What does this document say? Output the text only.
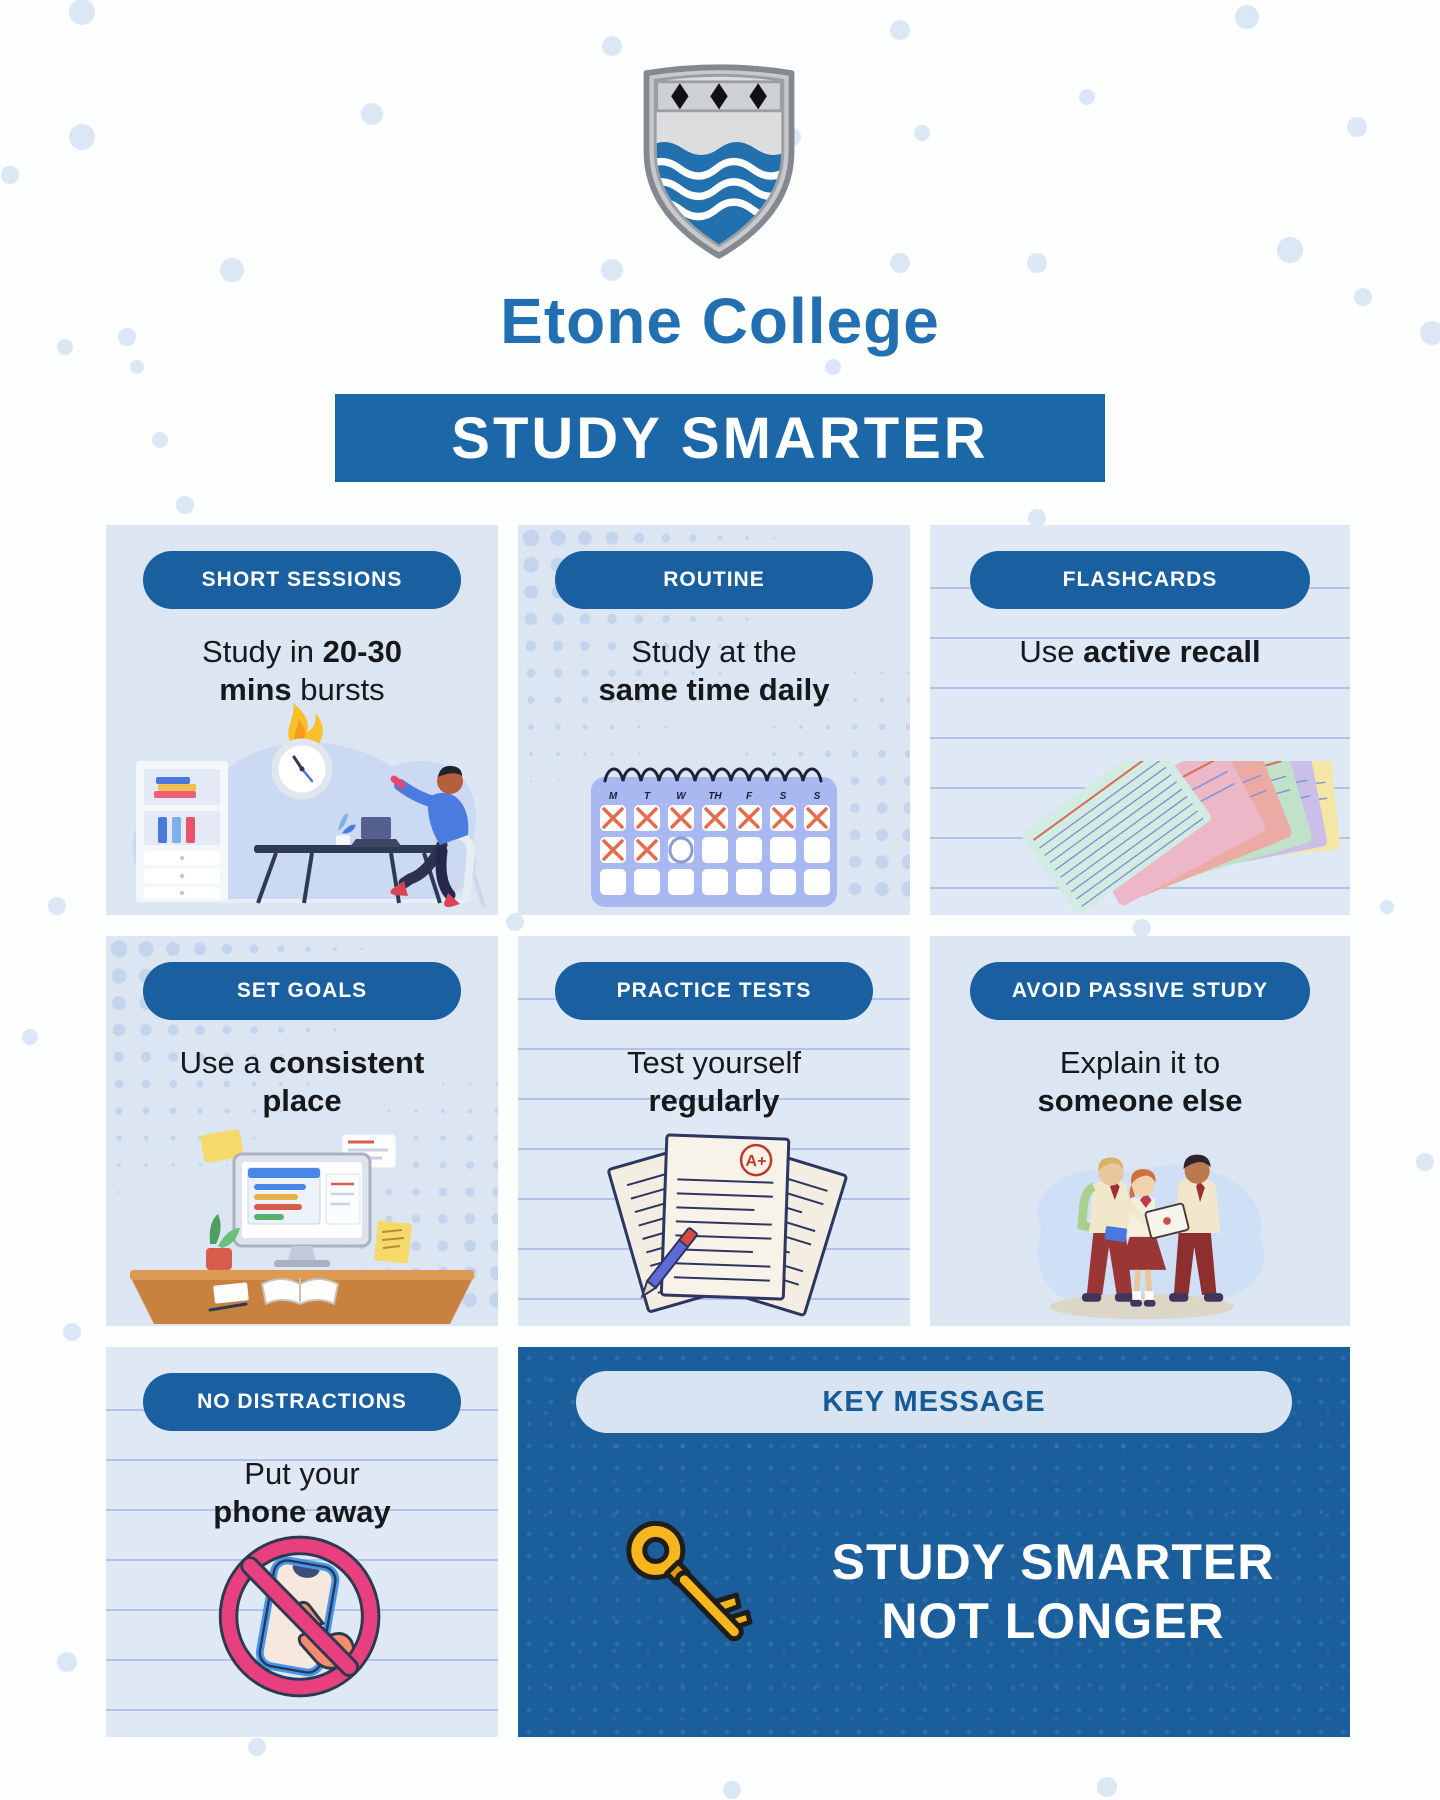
Etone College
STUDY SMARTER
SHORT SESSIONS
Study in 20-30
mins bursts
ROUTINE
Study at the
same time daily
M	T	W TH F	S	S
FLASHCARDS
Use active recall
SET GOALS
Use a consistent
place
PRACTICE TESTS
Test yourself
regularly
A+
AVOID PASSIVE STUDY
Explain it to
someone else
NO DISTRACTIONS
Put your
phone away
KEY MESSAGE
STUDY SMARTER
NOT LONGER
